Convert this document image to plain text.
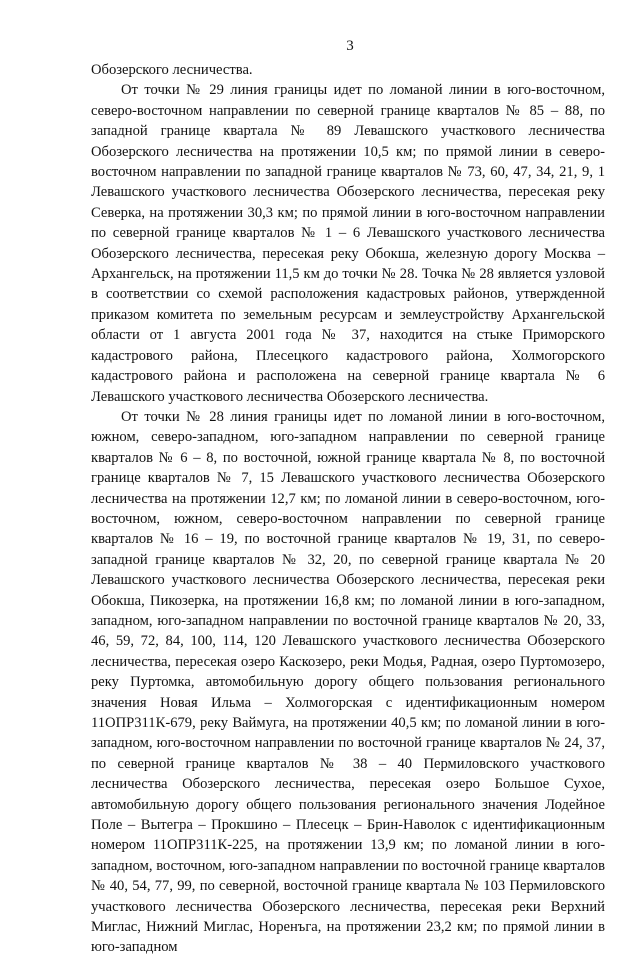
3

Обозерского лесничества.

От точки № 29 линия границы идет по ломаной линии в юго-восточном, северо-восточном направлении по северной границе кварталов № 85 – 88, по западной границе квартала № 89 Левашского участкового лесничества Обозерского лесничества на протяжении 10,5 км; по прямой линии в северо-восточном направлении по западной границе кварталов № 73, 60, 47, 34, 21, 9, 1 Левашского участкового лесничества Обозерского лесничества, пересекая реку Северка, на протяжении 30,3 км; по прямой линии в юго-восточном направлении по северной границе кварталов № 1 – 6 Левашского участкового лесничества Обозерского лесничества, пересекая реку Обокша, железную дорогу Москва – Архангельск, на протяжении 11,5 км до точки № 28. Точка № 28 является узловой в соответствии со схемой расположения кадастровых районов, утвержденной приказом комитета по земельным ресурсам и землеустройству Архангельской области от 1 августа 2001 года № 37, находится на стыке Приморского кадастрового района, Плесецкого кадастрового района, Холмогорского кадастрового района и расположена на северной границе квартала № 6 Левашского участкового лесничества Обозерского лесничества.

От точки № 28 линия границы идет по ломаной линии в юго-восточном, южном, северо-западном, юго-западном направлении по северной границе кварталов № 6 – 8, по восточной, южной границе квартала № 8, по восточной границе кварталов № 7, 15 Левашского участкового лесничества Обозерского лесничества на протяжении 12,7 км; по ломаной линии в северо-восточном, юго-восточном, южном, северо-восточном направлении по северной границе кварталов № 16 – 19, по восточной границе кварталов № 19, 31, по северо-западной границе кварталов № 32, 20, по северной границе квартала № 20 Левашского участкового лесничества Обозерского лесничества, пересекая реки Обокша, Пикозерка, на протяжении 16,8 км; по ломаной линии в юго-западном, западном, юго-западном направлении по восточной границе кварталов № 20, 33, 46, 59, 72, 84, 100, 114, 120 Левашского участкового лесничества Обозерского лесничества, пересекая озеро Каскозеро, реки Модья, Радная, озеро Пуртомозеро, реку Пуртомка, автомобильную дорогу общего пользования регионального значения Новая Ильма – Холмогорская с идентификационным номером 11ОПР311К-679, реку Ваймуга, на протяжении 40,5 км; по ломаной линии в юго-западном, юго-восточном направлении по восточной границе кварталов № 24, 37, по северной границе кварталов № 38 – 40 Пермиловского участкового лесничества Обозерского лесничества, пересекая озеро Большое Сухое, автомобильную дорогу общего пользования регионального значения Лодейное Поле – Вытегра – Прокшино – Плесецк – Брин-Наволок с идентификационным номером 11ОПР311К-225, на протяжении 13,9 км; по ломаной линии в юго-западном, восточном, юго-западном направлении по восточной границе кварталов № 40, 54, 77, 99, по северной, восточной границе квартала № 103 Пермиловского участкового лесничества Обозерского лесничества, пересекая реки Верхний Миглас, Нижний Миглас, Норенъга, на протяжении 23,2 км; по прямой линии в юго-западном
